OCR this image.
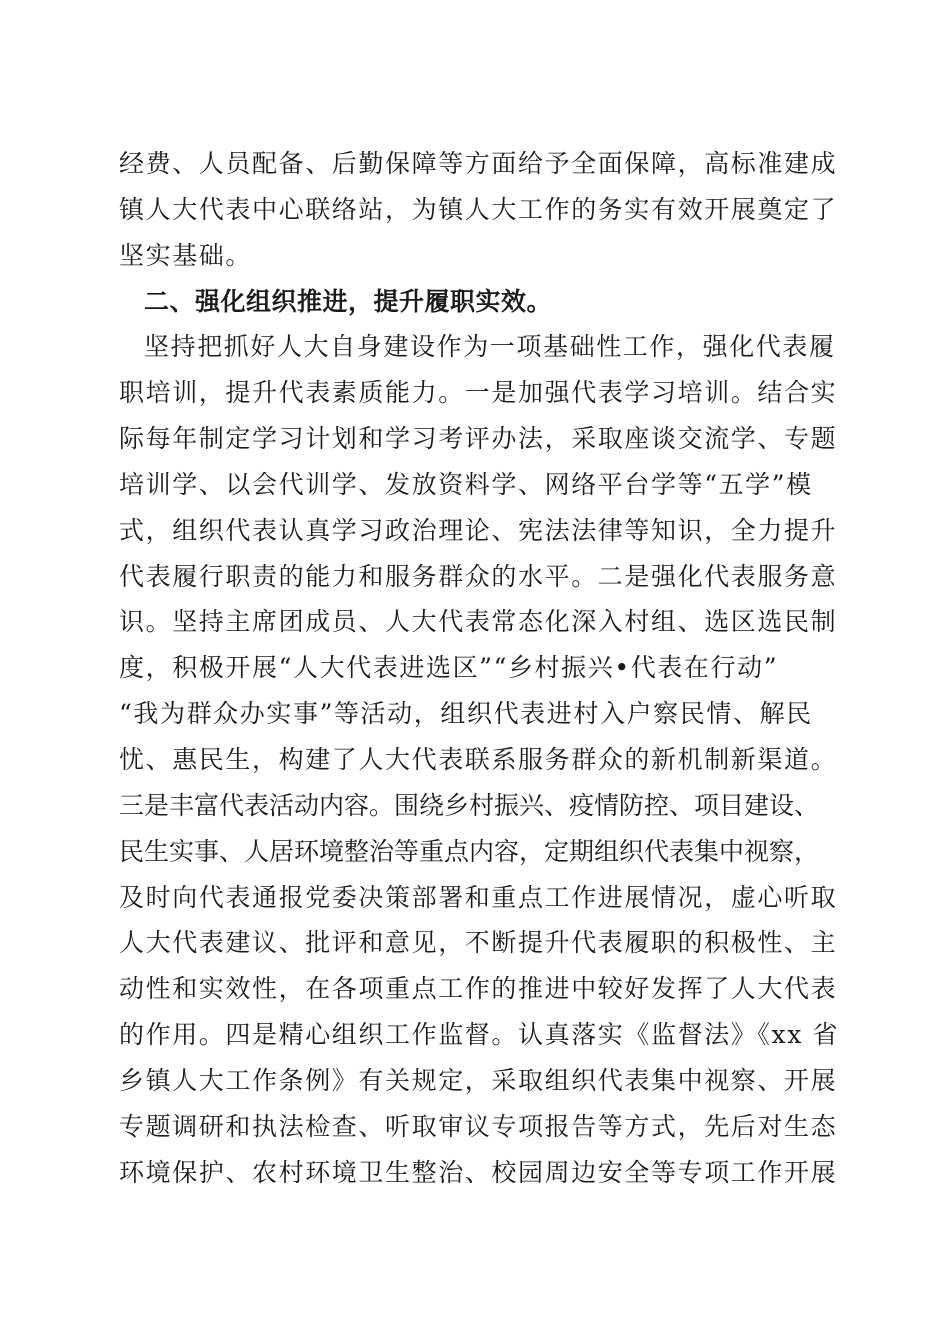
经费、人员配备、后勤保障等方面给予全面保障，高标准建成
镇人大代表中心联络站，为镇人大工作的务实有效开展奠定了
坚实基础。
二、强化组织推进，提升履职实效。
坚持把抓好人大自身建设作为一项基础性工作，强化代表履
职培训，提升代表素质能力。一是加强代表学习培训。结合实
际每年制定学习计划和学习考评办法，采取座谈交流学、专题
培训学、以会代训学、发放资料学、网络平台学等“五学”模
式，组织代表认真学习政治理论、宪法法律等知识，全力提升
代表履行职责的能力和服务群众的水平。二是强化代表服务意
识。坚持主席团成员、人大代表常态化深入村组、选区选民制
度，积极开展“人大代表进选区”“乡村振兴•代表在行动”
“我为群众办实事”等活动，组织代表进村入户察民情、解民
忧、惠民生，构建了人大代表联系服务群众的新机制新渠道。
三是丰富代表活动内容。围绕乡村振兴、疫情防控、项目建设、
民生实事、人居环境整治等重点内容，定期组织代表集中视察，
及时向代表通报党委决策部署和重点工作进展情况，虚心听取
人大代表建议、批评和意见，不断提升代表履职的积极性、主
动性和实效性，在各项重点工作的推进中较好发挥了人大代表
的作用。四是精心组织工作监督。认真落实《监督法》《xx 省
乡镇人大工作条例》有关规定，采取组织代表集中视察、开展
专题调研和执法检查、听取审议专项报告等方式，先后对生态
环境保护、农村环境卫生整治、校园周边安全等专项工作开展
